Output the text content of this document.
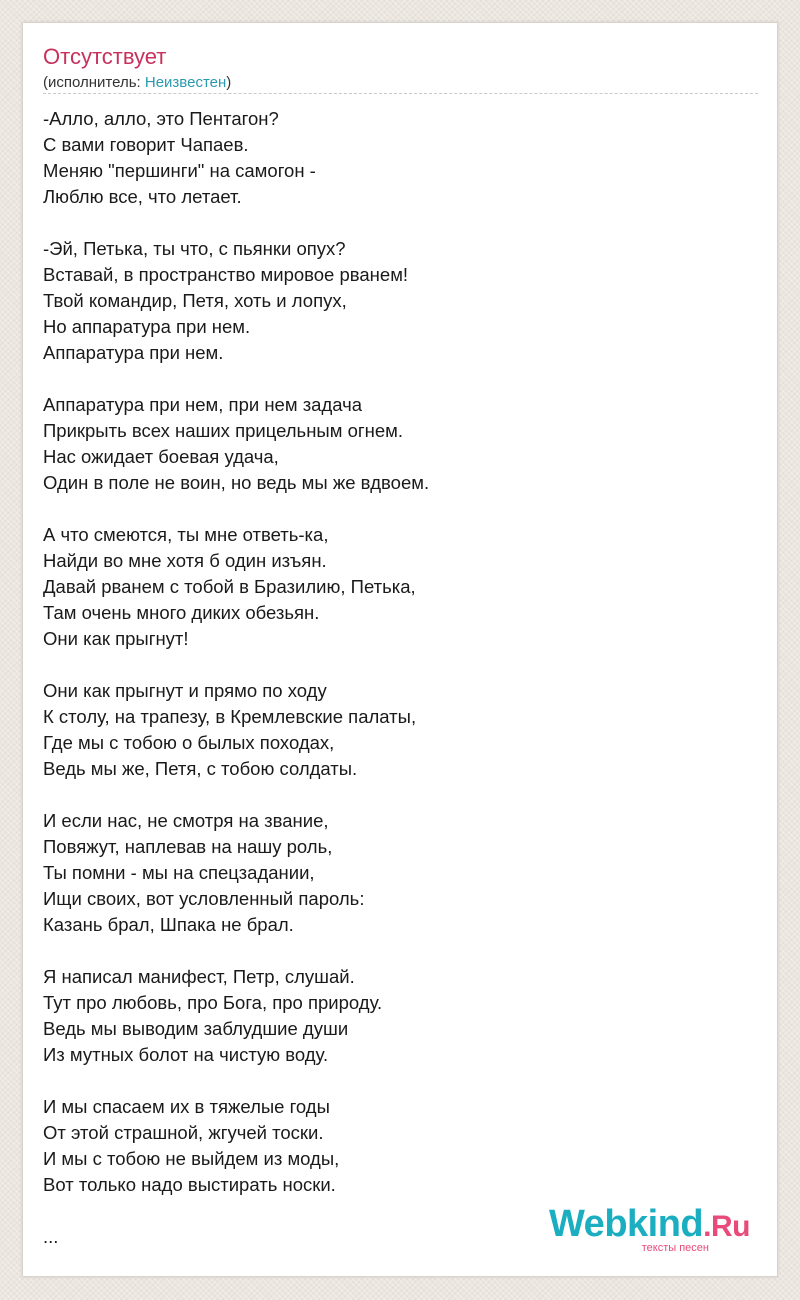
Отсутствует
(исполнитель: Неизвестен)
-Алло, алло, это Пентагон?
С вами говорит Чапаев.
Меняю "першинги" на самогон -
Люблю все, что летает.
-Эй, Петька, ты что, с пьянки опух?
Вставай, в пространство мировое рванем!
Твой командир, Петя, хоть и лопух,
Но аппаратура при нем.
Аппаратура при нем.
Аппаратура при нем, при нем задача
Прикрыть всех наших прицельным огнем.
Нас ожидает боевая удача,
Один в поле не воин, но ведь мы же вдвоем.
А что смеются, ты мне ответь-ка,
Найди во мне хотя б один изъян.
Давай рванем с тобой в Бразилию, Петька,
Там очень много диких обезьян.
Они как прыгнут!
Они как прыгнут и прямо по ходу
К столу, на трапезу, в Кремлевские палаты,
Где мы с тобою о былых походах,
Ведь мы же, Петя, с тобою солдаты.
И если нас, не смотря на звание,
Повяжут, наплевав на нашу роль,
Ты помни - мы на спецзадании,
Ищи своих, вот условленный пароль:
Казань брал, Шпака не брал.
Я написал манифест, Петр, слушай.
Тут про любовь, про Бога, про природу.
Ведь мы выводим заблудшие души
Из мутных болот на чистую воду.
И мы спасаем их в тяжелые годы
От этой страшной, жгучей тоски.
И мы с тобою не выйдем из моды,
Вот только надо выстирать носки.
...	Webkind.Ru
тексты песен
